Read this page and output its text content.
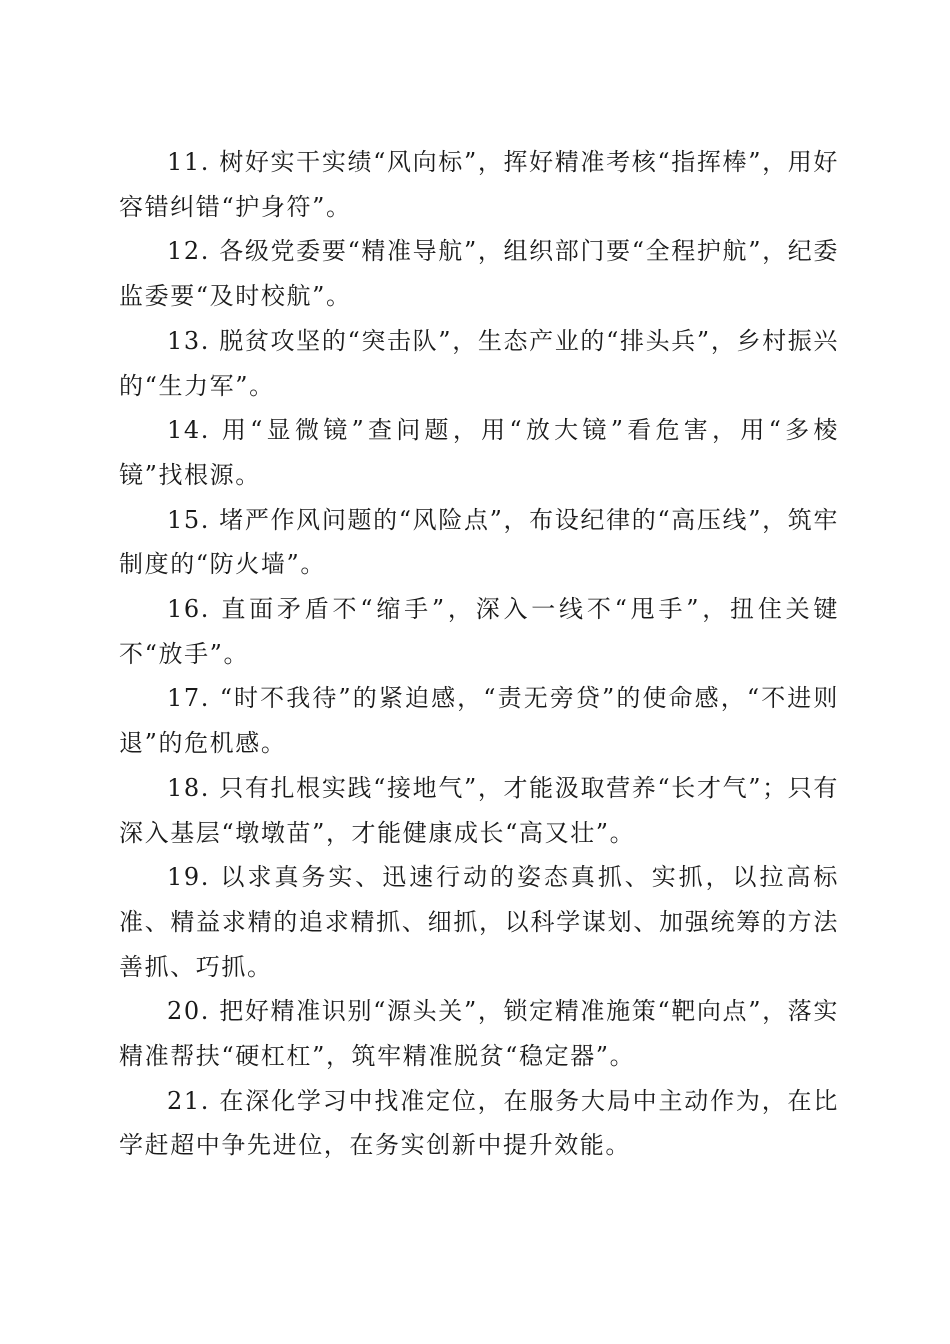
11. 树好实干实绩“风向标”，挥好精准考核“指挥棒”，用好容错纠错“护身符”。

12. 各级党委要“精准导航”，组织部门要“全程护航”，纪委监委要“及时校航”。

13. 脱贫攻坚的“突击队”，生态产业的“排头兵”，乡村振兴的“生力军”。

14. 用“显微镜”查问题，用“放大镜”看危害，用“多棱镜”找根源。

15. 堵严作风问题的“风险点”，布设纪律的“高压线”，筑牢制度的“防火墙”。

16. 直面矛盾不“缩手”，深入一线不“甩手”，扭住关键不“放手”。

17. “时不我待”的紧迫感，“责无旁贷”的使命感，“不进则退”的危机感。

18. 只有扎根实践“接地气”，才能汲取营养“长才气”；只有深入基层“墩墩苗”，才能健康成长“高又壮”。

19. 以求真务实、迅速行动的姿态真抓、实抓，以拉高标准、精益求精的追求精抓、细抓，以科学谋划、加强统筹的方法善抓、巧抓。

20. 把好精准识别“源头关”，锁定精准施策“靶向点”，落实精准帮扶“硬杠杠”，筑牢精准脱贫“稳定器”。

21. 在深化学习中找准定位，在服务大局中主动作为，在比学赶超中争先进位，在务实创新中提升效能。
